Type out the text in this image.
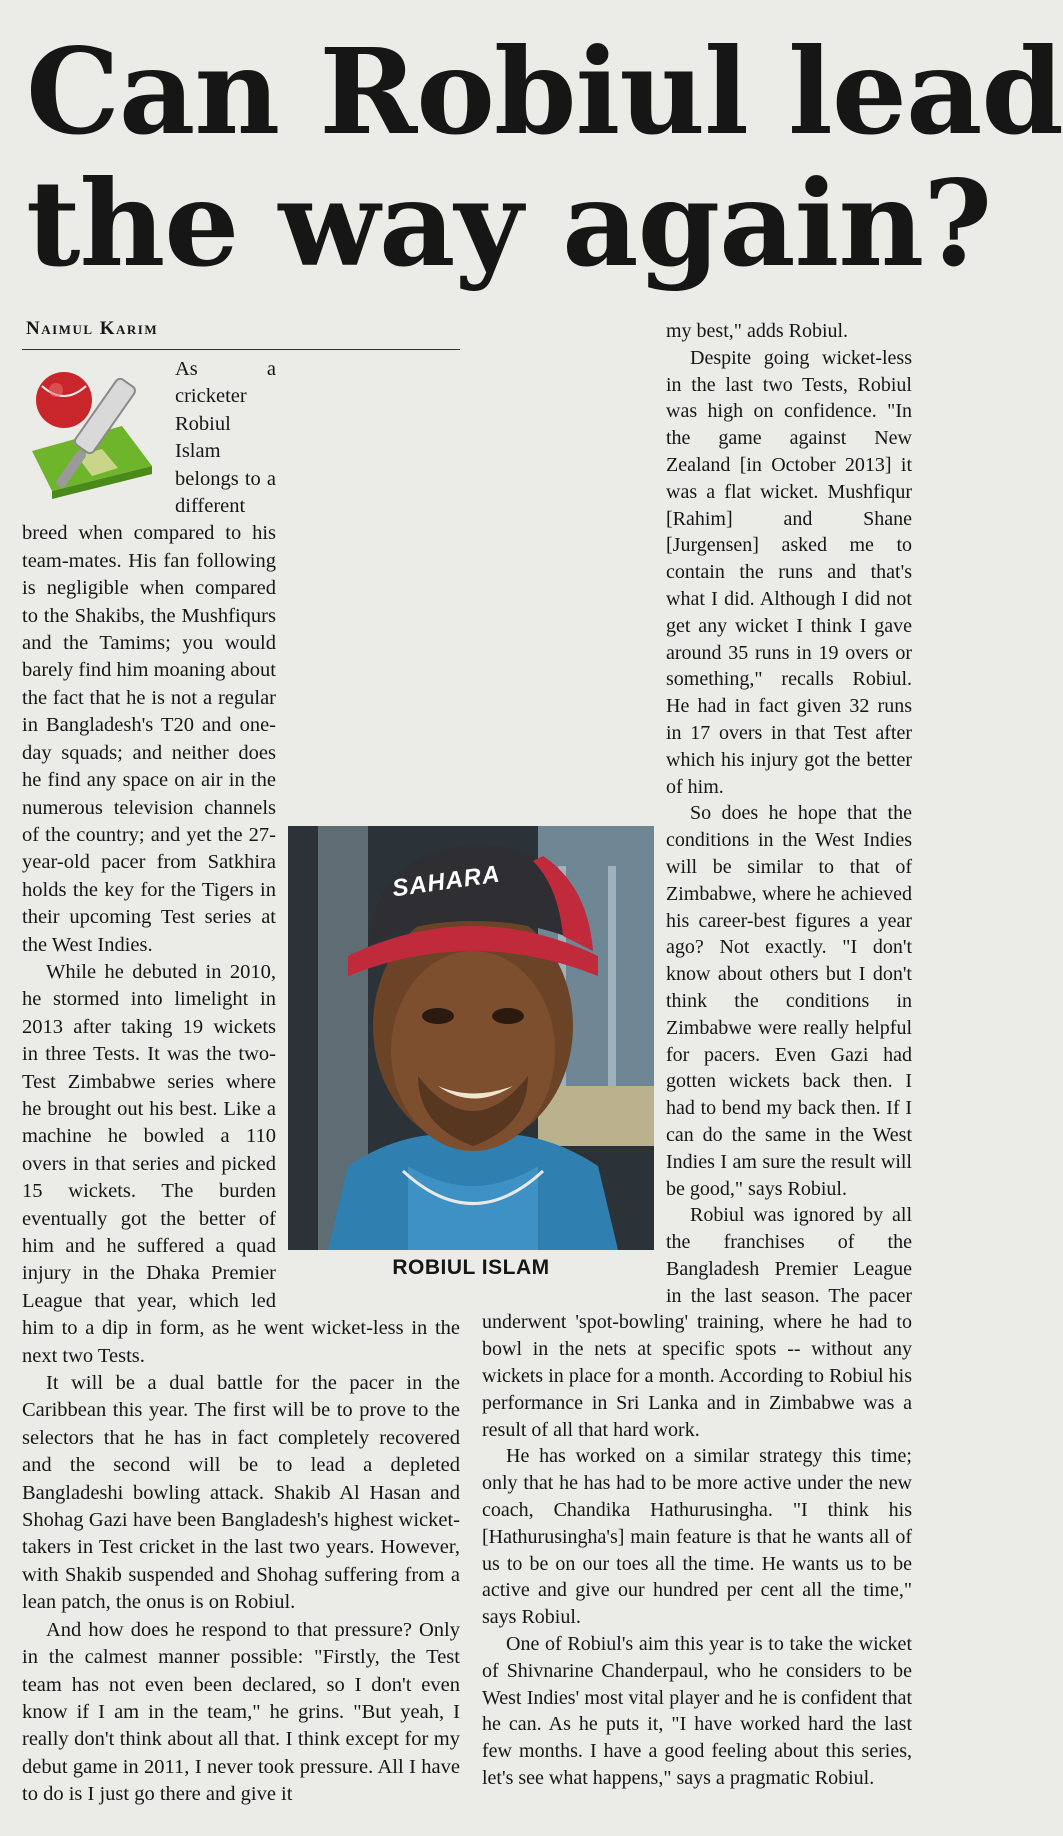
Can Robiul lead
the way again?
Naimul Karim

As a cricketer Robiul Islam belongs to a different breed when compared to his team-mates. His fan following is negligible when compared to the Shakibs, the Mushfiqurs and the Tamims; you would barely find him moaning about the fact that he is not a regular in Bangladesh's T20 and one-day squads; and neither does he find any space on air in the numerous television channels of the country; and yet the 27-year-old pacer from Satkhira holds the key for the Tigers in their upcoming Test series at the West Indies.

While he debuted in 2010, he stormed into limelight in 2013 after taking 19 wickets in three Tests. It was the two-Test Zimbabwe series where he brought out his best. Like a machine he bowled a 110 overs in that series and picked 15 wickets. The burden eventually got the better of him and he suffered a quad injury in the Dhaka Premier League that year, which led him to a dip in form, as he went wicket-less in the next two Tests.

It will be a dual battle for the pacer in the Caribbean this year. The first will be to prove to the selectors that he has in fact completely recovered and the second will be to lead a depleted Bangladeshi bowling attack. Shakib Al Hasan and Shohag Gazi have been Bangladesh's highest wicket-takers in Test cricket in the last two years. However, with Shakib suspended and Shohag suffering from a lean patch, the onus is on Robiul.

And how does he respond to that pressure? Only in the calmest manner possible: "Firstly, the Test team has not even been declared, so I don't even know if I am in the team," he grins. "But yeah, I really don't think about all that. I think except for my debut game in 2011, I never took pressure. All I have to do is I just go there and give it

my best," adds Robiul.

Despite going wicket-less in the last two Tests, Robiul was high on confidence. "In the game against New Zealand [in October 2013] it was a flat wicket. Mushfiqur [Rahim] and Shane [Jurgensen] asked me to contain the runs and that's what I did. Although I did not get any wicket I think I gave around 35 runs in 19 overs or something," recalls Robiul. He had in fact given 32 runs in 17 overs in that Test after which his injury got the better of him.

So does he hope that the conditions in the West Indies will be similar to that of Zimbabwe, where he achieved his career-best figures a year ago? Not exactly. "I don't know about others but I don't think the conditions in Zimbabwe were really helpful for pacers. Even Gazi had gotten wickets back then. I had to bend my back then. If I can do the same in the West Indies I am sure the result will be good," says Robiul.

Robiul was ignored by all the franchises of the Bangladesh Premier League in the last season. The pacer underwent 'spot-bowling' training, where he had to bowl in the nets at specific spots -- without any wickets in place for a month. According to Robiul his performance in Sri Lanka and in Zimbabwe was a result of all that hard work.

He has worked on a similar strategy this time; only that he has had to be more active under the new coach, Chandika Hathurusingha. "I think his [Hathurusingha's] main feature is that he wants all of us to be on our toes all the time. He wants us to be active and give our hundred per cent all the time," says Robiul.

One of Robiul's aim this year is to take the wicket of Shivnarine Chanderpaul, who he considers to be West Indies' most vital player and he is confident that he can. As he puts it, "I have worked hard the last few months. I have a good feeling about this series, let's see what happens," says a pragmatic Robiul.

SAHARA
ROBIUL ISLAM
